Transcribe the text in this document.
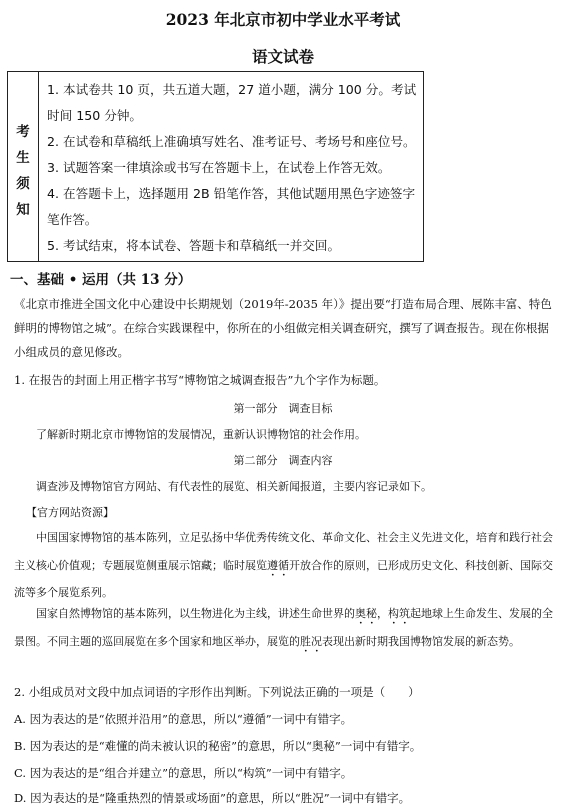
2023 年北京市初中学业水平考试
语文试卷
考
生
须
知
1. 本试卷共 10 页，共五道大题，27 道小题，满分 100 分。考试时间 150 分钟。
2. 在试卷和草稿纸上准确填写姓名、准考证号、考场号和座位号。
3. 试题答案一律填涂或书写在答题卡上，在试卷上作答无效。
4. 在答题卡上，选择题用 2B 铅笔作答，其他试题用黑色字迹签字笔作答。
5. 考试结束，将本试卷、答题卡和草稿纸一并交回。
一、基础 • 运用（共 13 分）
《北京市推进全国文化中心建设中长期规划（2019年-2035 年）》提出要“打造布局合理、展陈丰富、特色鲜明的博物馆之城”。在综合实践课程中，你所在的小组做完相关调查研究，撰写了调查报告。现在你根据小组成员的意见修改。
1. 在报告的封面上用正楷字书写“博物馆之城调查报告”九个字作为标题。
第一部分　调查目标
了解新时期北京市博物馆的发展情况，重新认识博物馆的社会作用。
第二部分　调查内容
调查涉及博物馆官方网站、有代表性的展览、相关新闻报道，主要内容记录如下。
【官方网站资源】
中国国家博物馆的基本陈列，立足弘扬中华优秀传统文化、革命文化、社会主义先进文化，培育和践行社会主义核心价值观；专题展览侧重展示馆藏；临时展览遵循开放合作的原则，已形成历史文化、科技创新、国际交流等多个展览系列。
国家自然博物馆的基本陈列，以生物进化为主线，讲述生命世界的奥秘，构筑起地球上生命发生、发展的全景图。不同主题的巡回展览在多个国家和地区举办，展览的胜况表现出新时期我国博物馆发展的新态势。
2. 小组成员对文段中加点词语的字形作出判断。下列说法正确的一项是（　　）
A. 因为表达的是“依照并沿用”的意思，所以“遵循”一词中有错字。
B. 因为表达的是“难懂的尚未被认识的秘密”的意思，所以“奥秘”一词中有错字。
C. 因为表达的是“组合并建立”的意思，所以“构筑”一词中有错字。
D. 因为表达的是“隆重热烈的情景或场面”的意思，所以“胜况”一词中有错字。
